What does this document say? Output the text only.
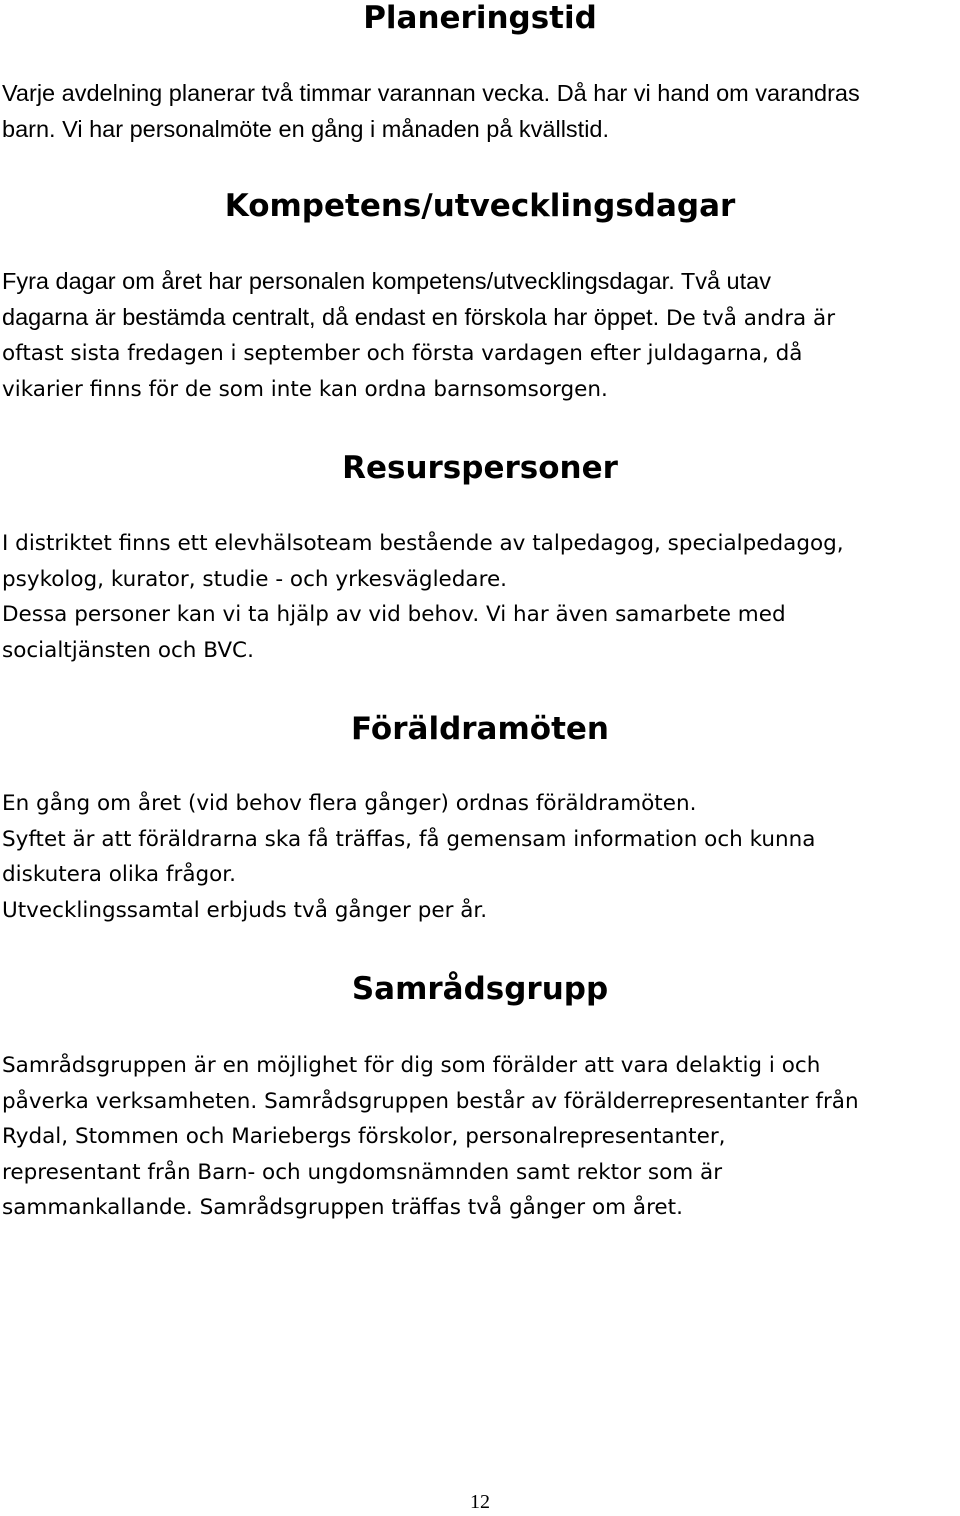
Planeringstid

Varje avdelning planerar två timmar varannan vecka. Då har vi hand om varandras
barn. Vi har personalmöte en gång i månaden på kvällstid.

Kompetens/utvecklingsdagar

Fyra dagar om året har personalen kompetens/utvecklingsdagar. Två utav
dagarna är bestämda centralt, då endast en förskola har öppet. De två andra är
oftast sista fredagen i september och första vardagen efter juldagarna, då
vikarier finns för de som inte kan ordna barnsomsorgen.

Resurspersoner

I distriktet finns ett elevhälsoteam bestående av talpedagog, specialpedagog,
psykolog, kurator, studie - och yrkesvägledare.
Dessa personer kan vi ta hjälp av vid behov. Vi har även samarbete med
socialtjänsten och BVC.

Föräldramöten

En gång om året (vid behov flera gånger) ordnas föräldramöten.
Syftet är att föräldrarna ska få träffas, få gemensam information och kunna
diskutera olika frågor.
Utvecklingssamtal erbjuds två gånger per år.

Samrådsgrupp

Samrådsgruppen är en möjlighet för dig som förälder att vara delaktig i och
påverka verksamheten. Samrådsgruppen består av förälderrepresentanter från
Rydal, Stommen och Mariebergs förskolor, personalrepresentanter,
representant från Barn- och ungdomsnämnden samt rektor som är
sammankallande. Samrådsgruppen träffas två gånger om året.

12
